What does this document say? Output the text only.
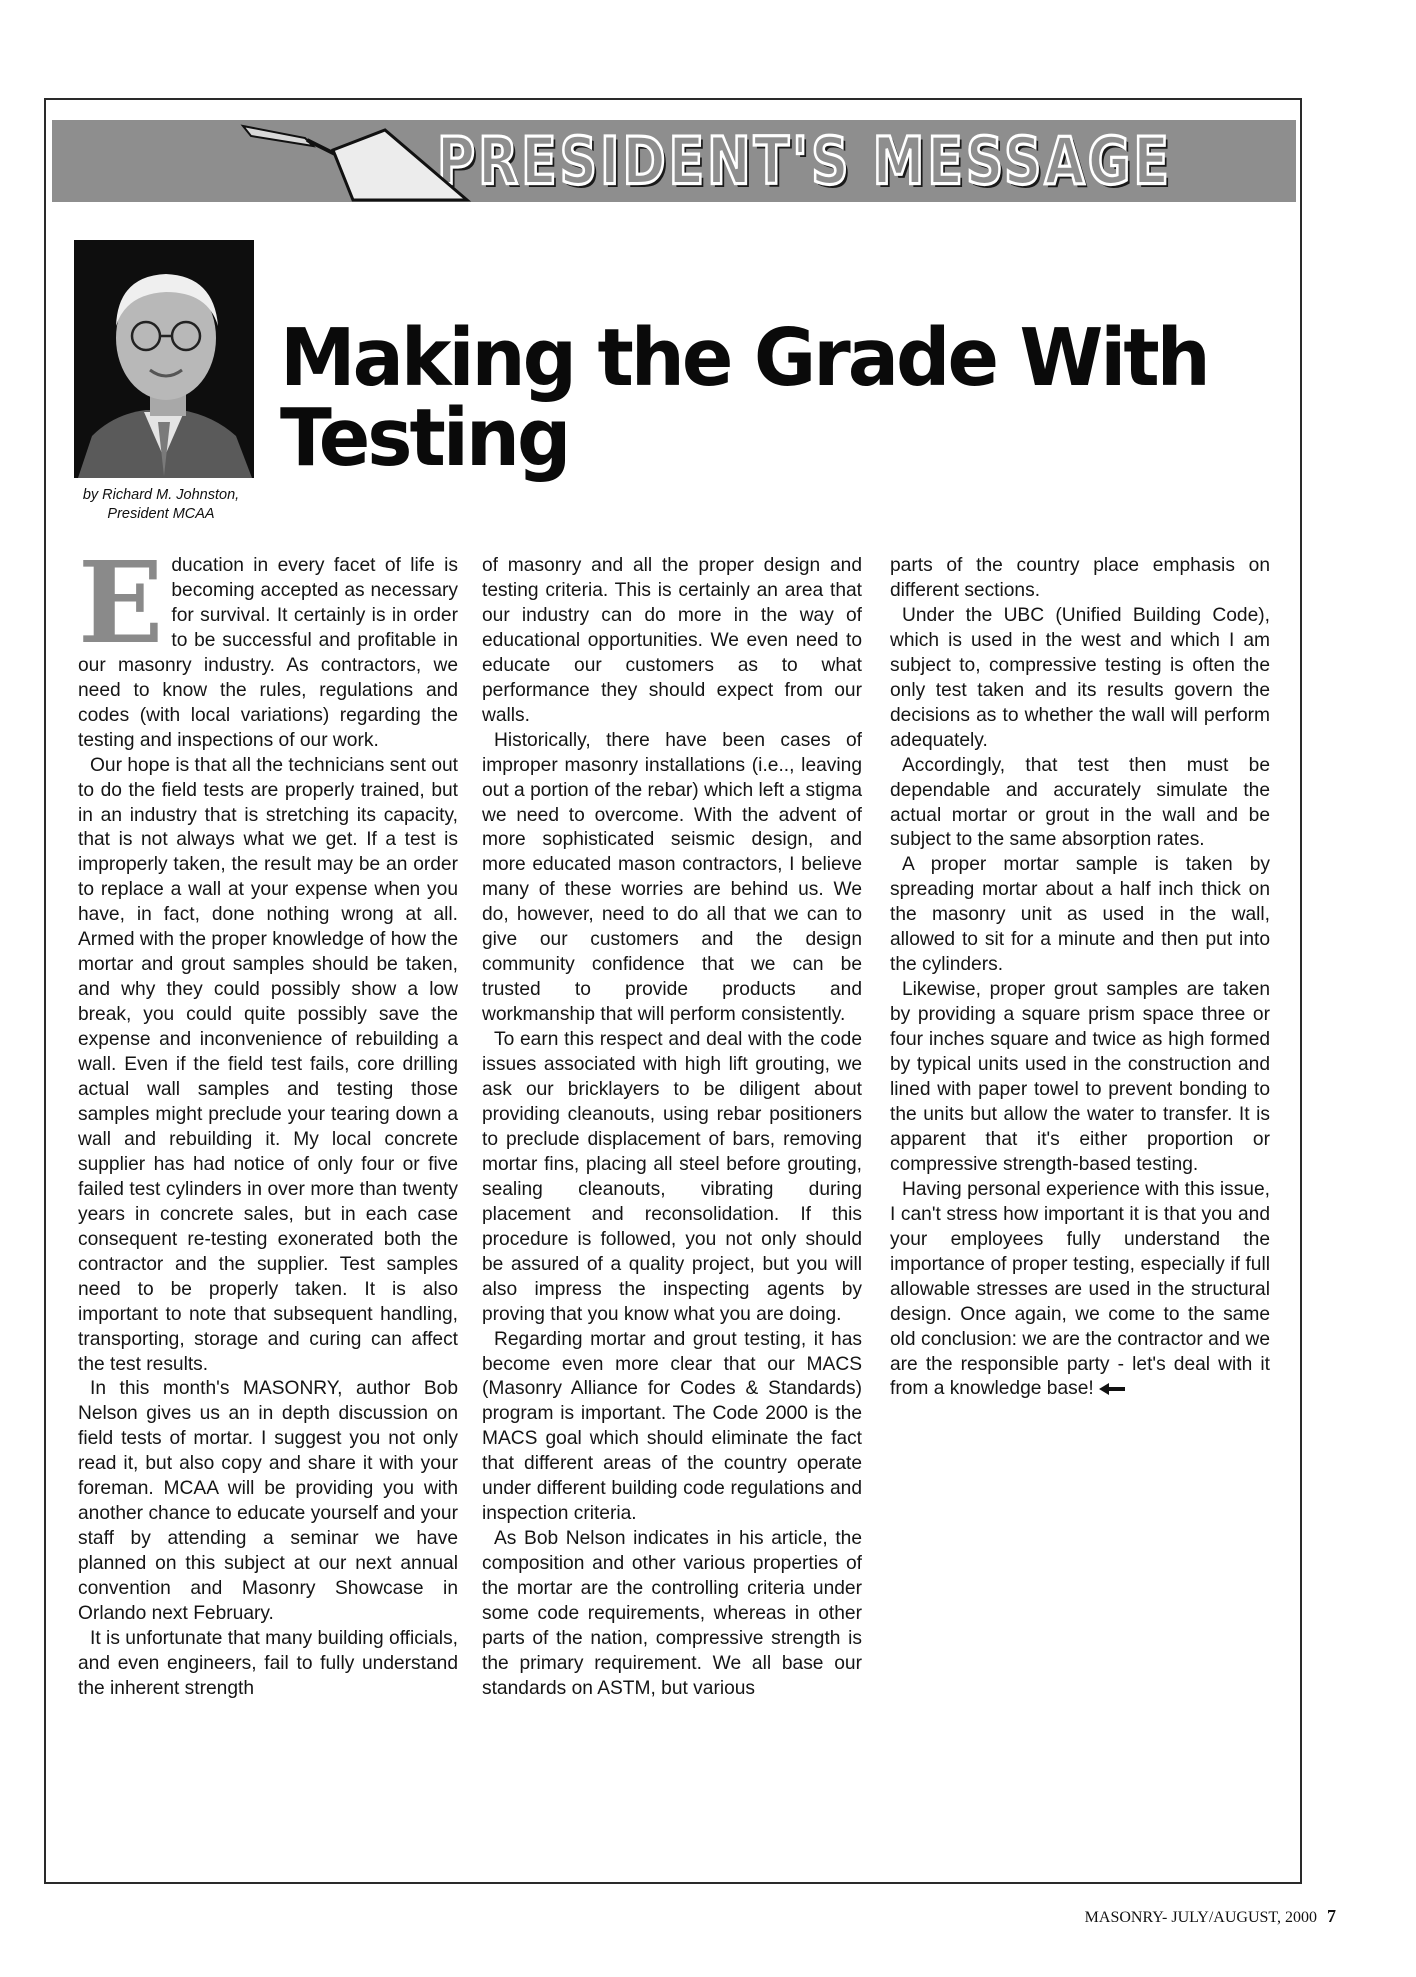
PRESIDENT'S MESSAGE
by Richard M. Johnston,
President MCAA
Making the Grade With
Testing

Education in every facet of life is becoming accepted as necessary for survival. It certainly is in order to be successful and profitable in our masonry industry. As contractors, we need to know the rules, regulations and codes (with local variations) regarding the testing and inspections of our work.

Our hope is that all the technicians sent out to do the field tests are properly trained, but in an industry that is stretching its capacity, that is not always what we get. If a test is improperly taken, the result may be an order to replace a wall at your expense when you have, in fact, done nothing wrong at all. Armed with the proper knowledge of how the mortar and grout samples should be taken, and why they could possibly show a low break, you could quite possibly save the expense and inconvenience of rebuilding a wall. Even if the field test fails, core drilling actual wall samples and testing those samples might preclude your tearing down a wall and rebuilding it. My local concrete supplier has had notice of only four or five failed test cylinders in over more than twenty years in concrete sales, but in each case consequent re-testing exonerated both the contractor and the supplier. Test samples need to be properly taken. It is also important to note that subsequent handling, transporting, storage and curing can affect the test results.

In this month's MASONRY, author Bob Nelson gives us an in depth discussion on field tests of mortar. I suggest you not only read it, but also copy and share it with your foreman. MCAA will be providing you with another chance to educate yourself and your staff by attending a seminar we have planned on this subject at our next annual convention and Masonry Showcase in Orlando next February.

It is unfortunate that many building officials, and even engineers, fail to fully understand the inherent strength

of masonry and all the proper design and testing criteria. This is certainly an area that our industry can do more in the way of educational opportunities. We even need to educate our customers as to what performance they should expect from our walls.

Historically, there have been cases of improper masonry installations (i.e.., leaving out a portion of the rebar) which left a stigma we need to overcome. With the advent of more sophisticated seismic design, and more educated mason contractors, I believe many of these worries are behind us. We do, however, need to do all that we can to give our customers and the design community confidence that we can be trusted to provide products and workmanship that will perform consistently.

To earn this respect and deal with the code issues associated with high lift grouting, we ask our bricklayers to be diligent about providing cleanouts, using rebar positioners to preclude displacement of bars, removing mortar fins, placing all steel before grouting, sealing cleanouts, vibrating during placement and reconsolidation. If this procedure is followed, you not only should be assured of a quality project, but you will also impress the inspecting agents by proving that you know what you are doing.

Regarding mortar and grout testing, it has become even more clear that our MACS (Masonry Alliance for Codes & Standards) program is important. The Code 2000 is the MACS goal which should eliminate the fact that different areas of the country operate under different building code regulations and inspection criteria.

As Bob Nelson indicates in his article, the composition and other various properties of the mortar are the controlling criteria under some code requirements, whereas in other parts of the nation, compressive strength is the primary requirement. We all base our standards on ASTM, but various

parts of the country place emphasis on different sections.

Under the UBC (Unified Building Code), which is used in the west and which I am subject to, compressive testing is often the only test taken and its results govern the decisions as to whether the wall will perform adequately.

Accordingly, that test then must be dependable and accurately simulate the actual mortar or grout in the wall and be subject to the same absorption rates.

A proper mortar sample is taken by spreading mortar about a half inch thick on the masonry unit as used in the wall, allowed to sit for a minute and then put into the cylinders.

Likewise, proper grout samples are taken by providing a square prism space three or four inches square and twice as high formed by typical units used in the construction and lined with paper towel to prevent bonding to the units but allow the water to transfer. It is apparent that it's either proportion or compressive strength-based testing.

Having personal experience with this issue, I can't stress how important it is that you and your employees fully understand the importance of proper testing, especially if full allowable stresses are used in the structural design. Once again, we come to the same old conclusion: we are the contractor and we are the responsible party - let's deal with it from a knowledge base!

MASONRY- JULY/AUGUST, 2000 7
